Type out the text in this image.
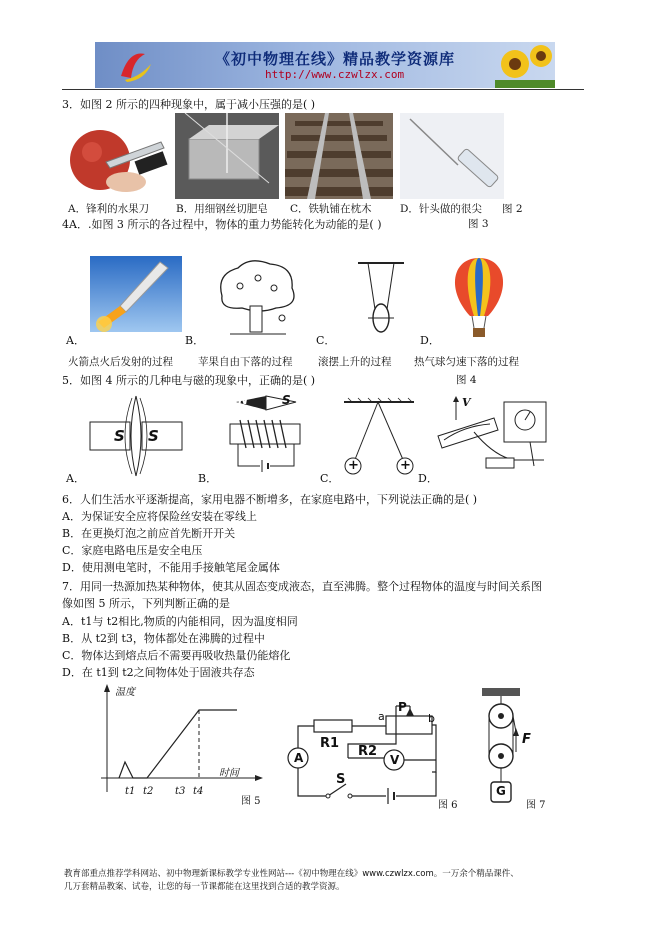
《初中物理在线》精品教学资源库
http://www.czwlzx.com
3．如图 2 所示的四种现象中，属于减小压强的是( )
A．锋利的水果刀	B．用细钢丝切肥皂 C．铁轨铺在枕木	D．针头做的很尖 图 2
4A．.如图 3 所示的各过程中，物体的重力势能转化为动能的是( )	图 3
A．	B．	C．	D．
火箭点火后发射的过程 苹果自由下落的过程 滚摆上升的过程 热气球匀速下落的过程
5．如图 4 所示的几种电与磁的现象中，正确的是( )	图 4
S S
A．
N	S
B．
+	+
C．
V
D．
6．人们生活水平逐渐提高，家用电器不断增多，在家庭电路中，下列说法正确的是( )
A．为保证安全应将保险丝安装在零线上
B．在更换灯泡之前应首先断开开关
C．家庭电路电压是安全电压
D．使用测电笔时，不能用手接触笔尾金属体
7．用同一热源加热某种物体，使其从固态变成液态，直至沸腾。整个过程物体的温度与时间关系图
像如图 5 所示，下列判断正确的是
A．t1与 t2相比,物质的内能相同，因为温度相同
B．从 t2到 t3，物体都处在沸腾的过程中
C．物体达到熔点后不需要再吸收热量仍能熔化
D．在 t1到 t2之间物体处于固液共存态
温度
时间
t1 t2 t3 t4
图 5
A	V
R1
R2
S
a	b
P
图 6
F
G
图 7
教育部重点推荐学科网站、初中物理新课标教学专业性网站---《初中物理在线》www.czwlzx.com。一万余个精品课件、
几万套精品教案、试卷，让您的每一节课都能在这里找到合适的教学资源。
